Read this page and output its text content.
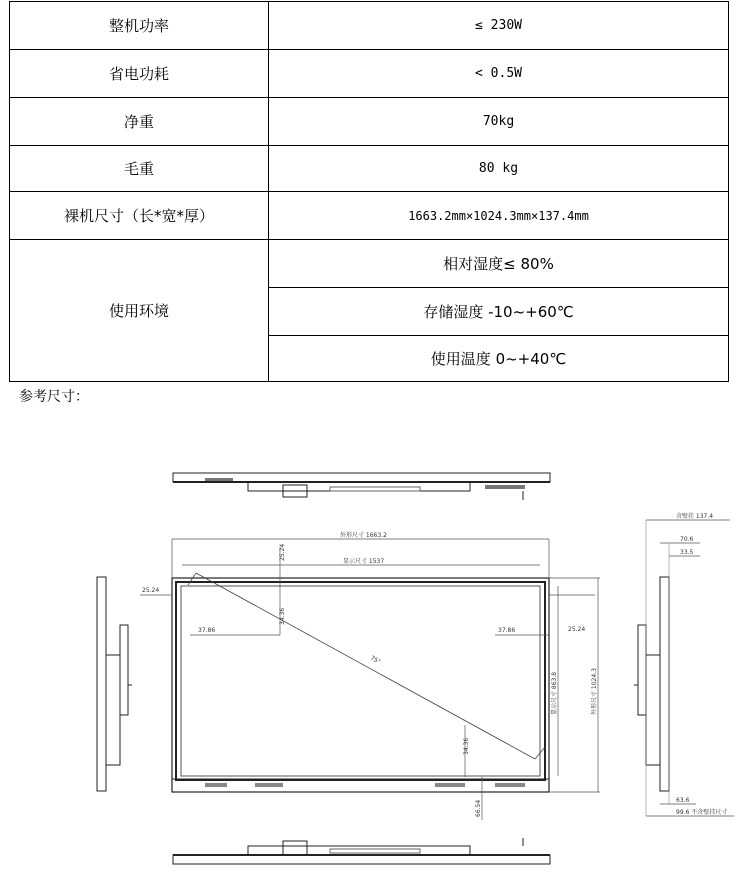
整机功率	≤ 230W
省电功耗	< 0.5W
净重	70kg
毛重	80 kg
裸机尺寸（长*宽*厚）	1663.2mm×1024.3mm×137.4mm
使用环境	相对湿度≤ 80%
	存储湿度 -10~+60℃
	使用温度 0~+40℃
参考尺寸：
外形尺寸 1663.2
显示尺寸 1537
75"
25.24
25.24
25.24
37.86	37.86
34.36
34.36
66.54
显示尺寸 863.8	外形尺寸 1024.3
含壁挂 137.4
70.6
33.5
63.6
99.6 不含壁挂尺寸
